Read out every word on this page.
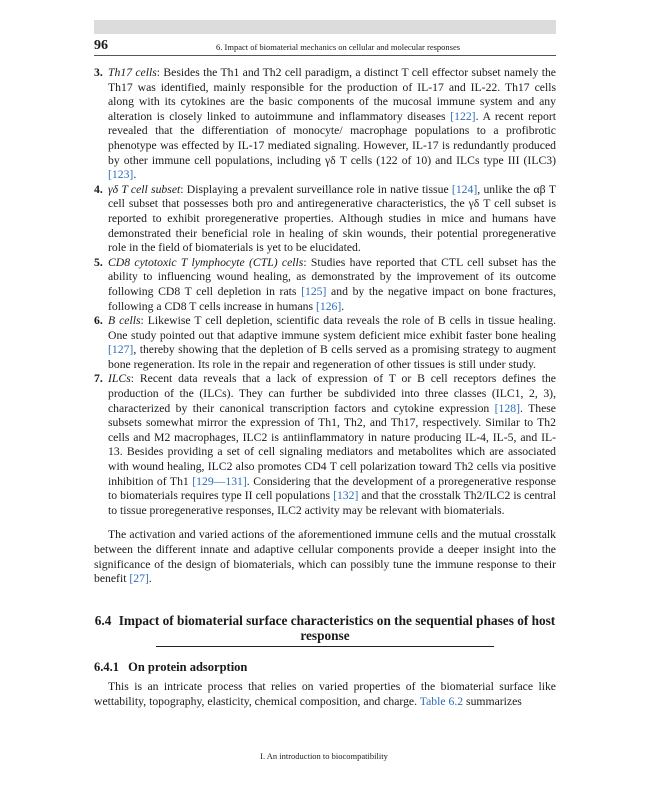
96	6. Impact of biomaterial mechanics on cellular and molecular responses
3. Th17 cells: Besides the Th1 and Th2 cell paradigm, a distinct T cell effector subset namely the Th17 was identified, mainly responsible for the production of IL-17 and IL-22. Th17 cells along with its cytokines are the basic components of the mucosal immune system and any alteration is closely linked to autoimmune and inflammatory diseases [122]. A recent report revealed that the differentiation of monocyte/ macrophage populations to a profibrotic phenotype was effected by IL-17 mediated signaling. However, IL-17 is redundantly produced by other immune cell populations, including γδ T cells (122 of 10) and ILCs type III (ILC3) [123].
4. γδ T cell subset: Displaying a prevalent surveillance role in native tissue [124], unlike the αβ T cell subset that possesses both pro and antiregenerative characteristics, the γδ T cell subset is reported to exhibit proregenerative properties. Although studies in mice and humans have demonstrated their beneficial role in healing of skin wounds, their potential proregenerative role in the field of biomaterials is yet to be elucidated.
5. CD8 cytotoxic T lymphocyte (CTL) cells: Studies have reported that CTL cell subset has the ability to influencing wound healing, as demonstrated by the improvement of its outcome following CD8 T cell depletion in rats [125] and by the negative impact on bone fractures, following a CD8 T cells increase in humans [126].
6. B cells: Likewise T cell depletion, scientific data reveals the role of B cells in tissue healing. One study pointed out that adaptive immune system deficient mice exhibit faster bone healing [127], thereby showing that the depletion of B cells served as a promising strategy to augment bone regeneration. Its role in the repair and regeneration of other tissues is still under study.
7. ILCs: Recent data reveals that a lack of expression of T or B cell receptors defines the production of the (ILCs). They can further be subdivided into three classes (ILC1, 2, 3), characterized by their canonical transcription factors and cytokine expression [128]. These subsets somewhat mirror the expression of Th1, Th2, and Th17, respectively. Similar to Th2 cells and M2 macrophages, ILC2 is antiinflammatory in nature producing IL-4, IL-5, and IL-13. Besides providing a set of cell signaling mediators and metabolites which are associated with wound healing, ILC2 also promotes CD4 T cell polarization toward Th2 cells via positive inhibition of Th1 [129—131]. Considering that the development of a proregenerative response to biomaterials requires type II cell populations [132] and that the crosstalk Th2/ILC2 is central to tissue proregenerative responses, ILC2 activity may be relevant with biomaterials.

The activation and varied actions of the aforementioned immune cells and the mutual crosstalk between the different innate and adaptive cellular components provide a deeper insight into the significance of the design of biomaterials, which can possibly tune the immune response to their benefit [27].

6.4 Impact of biomaterial surface characteristics on the sequential phases of host response
6.4.1 On protein adsorption

This is an intricate process that relies on varied properties of the biomaterial surface like wettability, topography, elasticity, chemical composition, and charge. Table 6.2 summarizes

I. An introduction to biocompatibility
